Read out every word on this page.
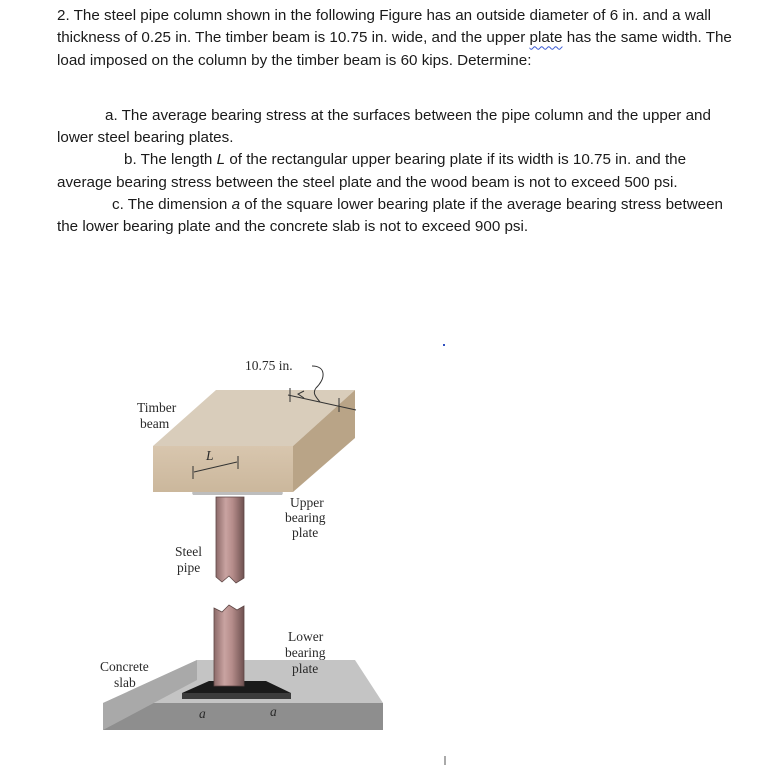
2. The steel pipe column shown in the following Figure has an outside diameter of 6 in. and a wall thickness of 0.25 in. The timber beam is 10.75 in. wide, and the upper plate has the same width. The load imposed on the column by the timber beam is 60 kips. Determine:

a. The average bearing stress at the surfaces between the pipe column and the upper and lower steel bearing plates.

b. The length L of the rectangular upper bearing plate if its width is 10.75 in. and the average bearing stress between the steel plate and the wood beam is not to exceed 500 psi.

c. The dimension a of the square lower bearing plate if the average bearing stress between the lower bearing plate and the concrete slab is not to exceed 900 psi.

10.75 in.
L
Timber
beam
Upper
bearing
plate
Steel
pipe
Lower
bearing
plate
Concrete
slab
a	a
